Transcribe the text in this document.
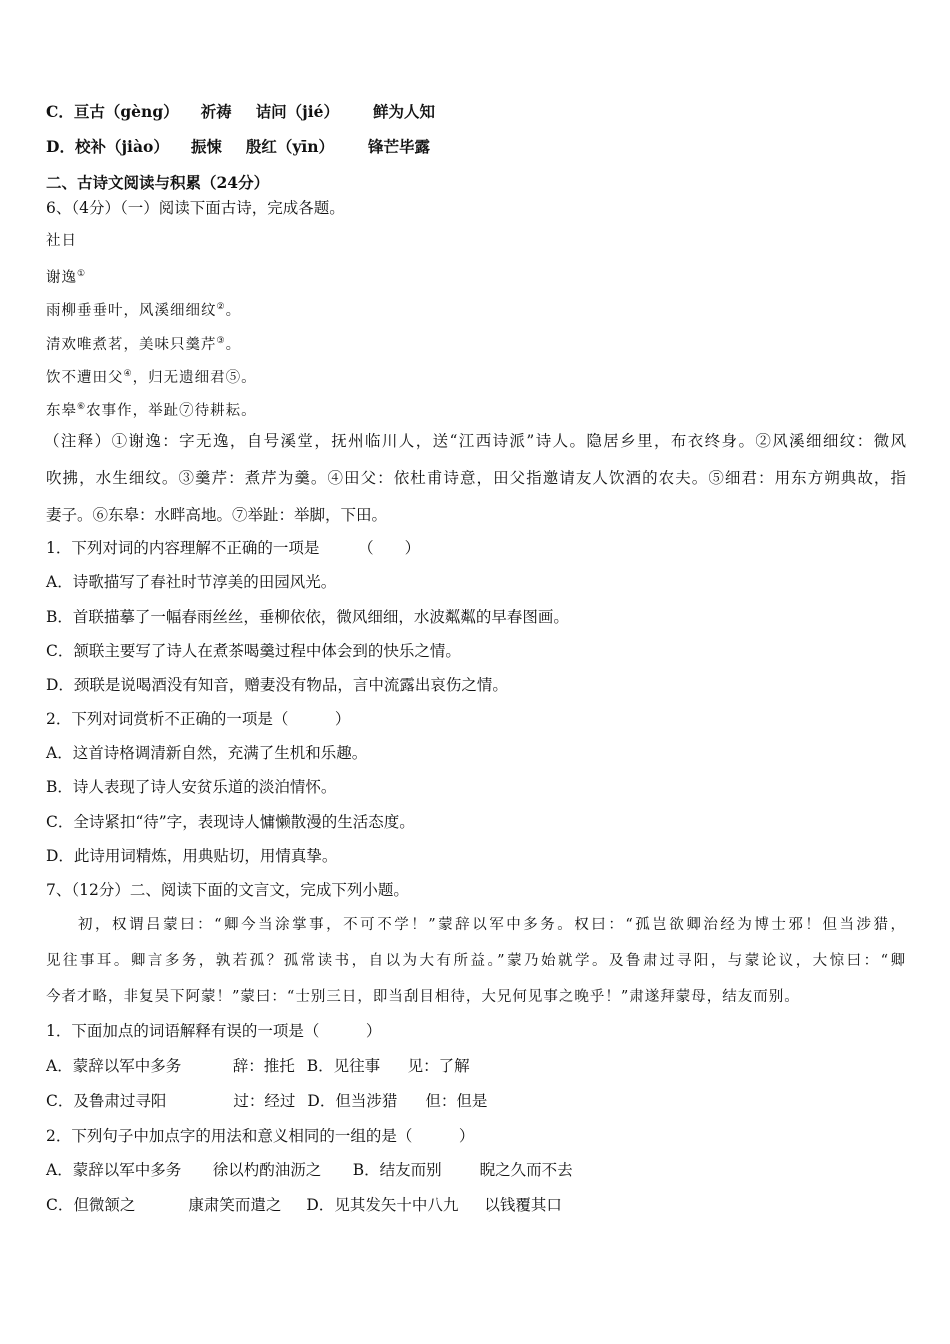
C．亘古（gèng） 祈祷 诘问（jié） 鲜为人知
D．校补（jiào） 振悚 殷红（yīn） 锋芒毕露
二、古诗文阅读与积累（24分）
6、（4分）（一）阅读下面古诗，完成各题。
社日
谢逸①
雨柳垂垂叶，风溪细细纹②。
清欢唯煮茗，美味只羹芹③。
饮不遭田父④，归无遗细君⑤。
东皋⑥农事作，举趾⑦待耕耘。
（注释）①谢逸：字无逸，自号溪堂，抚州临川人，送“江西诗派”诗人。隐居乡里，布衣终身。②风溪细细纹：微风
吹拂，水生细纹。③羹芹：煮芹为羹。④田父：依杜甫诗意，田父指邀请友人饮酒的农夫。⑤细君：用东方朔典故，指
妻子。⑥东皋：水畔高地。⑦举趾：举脚，下田。
1．下列对词的内容理解不正确的一项是　　　（　　）
A．诗歌描写了春社时节淳美的田园风光。
B．首联描摹了一幅春雨丝丝，垂柳依依，微风细细，水波粼粼的早春图画。
C．颔联主要写了诗人在煮茶喝羹过程中体会到的快乐之情。
D．颈联是说喝酒没有知音，赠妻没有物品，言中流露出哀伤之情。
2．下列对词赏析不正确的一项是（　　　）
A．这首诗格调清新自然，充满了生机和乐趣。
B．诗人表现了诗人安贫乐道的淡泊情怀。
C．全诗紧扣“待”字，表现诗人慵懒散漫的生活态度。
D．此诗用词精炼，用典贴切，用情真挚。
7、（12分）二、阅读下面的文言文，完成下列小题。
初，权谓吕蒙曰：“卿今当涂掌事，不可不学！”蒙辞以军中多务。权曰：“孤岂欲卿治经为博士邪！但当涉猎，
见往事耳。卿言多务，孰若孤？孤常读书，自以为大有所益。”蒙乃始就学。及鲁肃过寻阳，与蒙论议，大惊曰：“卿
今者才略，非复吴下阿蒙！”蒙曰：“士别三日，即当刮目相待，大兄何见事之晚乎！”肃遂拜蒙母，结友而别。
1．下面加点的词语解释有误的一项是（　　　）
A．蒙辞以军中多务	辞：推托 B．见往事 见：了解
C．及鲁肃过寻阳	过：经过 D．但当涉猎 但：但是
2．下列句子中加点字的用法和意义相同的一组的是（　　　）
A．蒙辞以军中多务 徐以杓酌油沥之 B．结友而别 睨之久而不去
C．但微颔之	康肃笑而遣之 D．见其发矢十中八九 以钱覆其口
